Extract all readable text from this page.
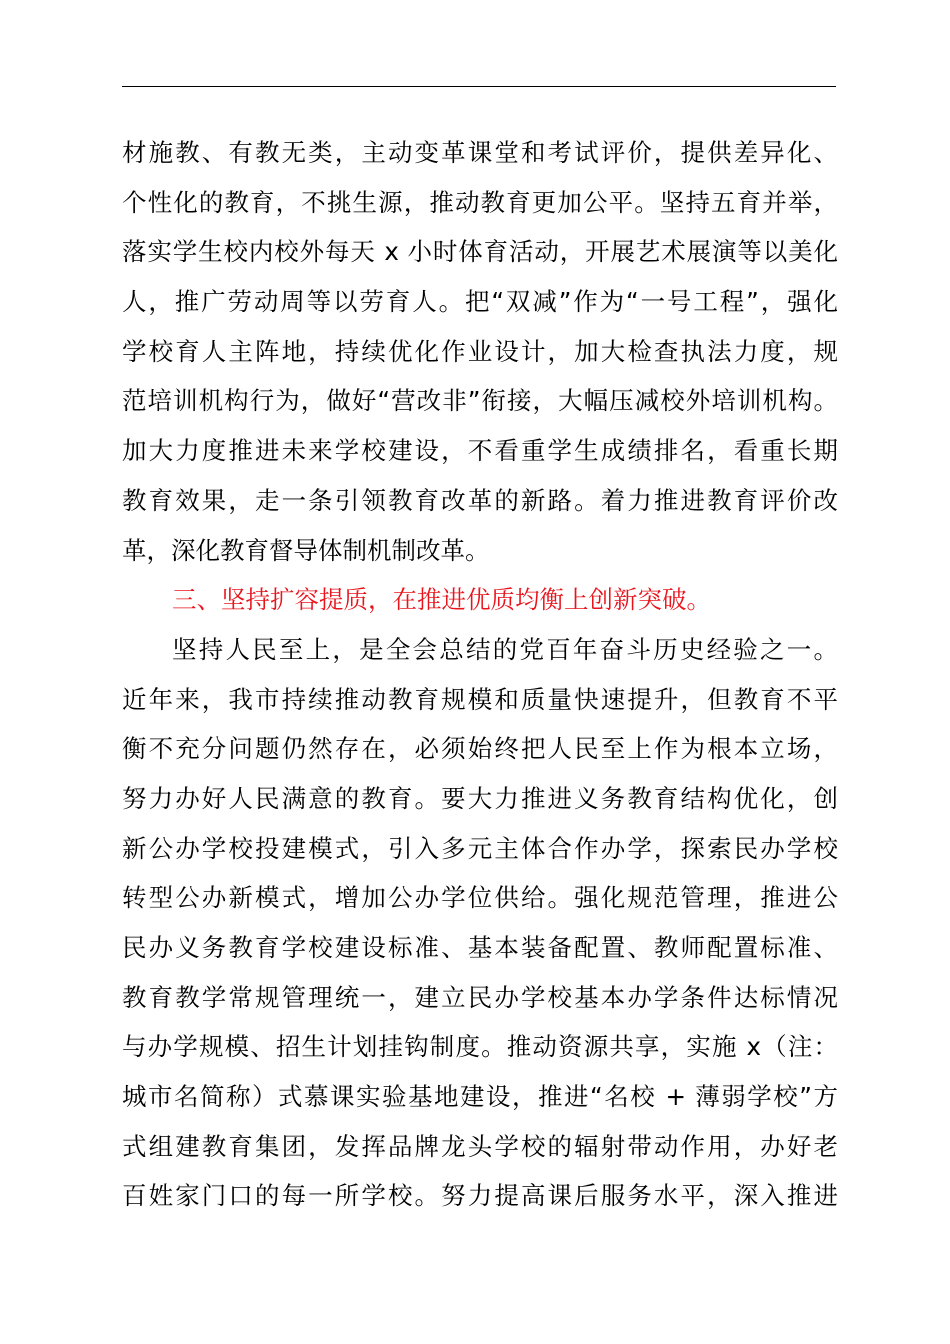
材施教、有教无类，主动变革课堂和考试评价，提供差异化、
个性化的教育，不挑生源，推动教育更加公平。坚持五育并举，
落实学生校内校外每天 x 小时体育活动，开展艺术展演等以美化
人，推广劳动周等以劳育人。把“双减”作为“一号工程”，强化
学校育人主阵地，持续优化作业设计，加大检查执法力度，规
范培训机构行为，做好“营改非”衔接，大幅压减校外培训机构。
加大力度推进未来学校建设，不看重学生成绩排名，看重长期
教育效果，走一条引领教育改革的新路。着力推进教育评价改
革，深化教育督导体制机制改革。
三、坚持扩容提质，在推进优质均衡上创新突破。
坚持人民至上，是全会总结的党百年奋斗历史经验之一。
近年来，我市持续推动教育规模和质量快速提升，但教育不平
衡不充分问题仍然存在，必须始终把人民至上作为根本立场，
努力办好人民满意的教育。要大力推进义务教育结构优化，创
新公办学校投建模式，引入多元主体合作办学，探索民办学校
转型公办新模式，增加公办学位供给。强化规范管理，推进公
民办义务教育学校建设标准、基本装备配置、教师配置标准、
教育教学常规管理统一，建立民办学校基本办学条件达标情况
与办学规模、招生计划挂钩制度。推动资源共享，实施 x（注：
城市名简称）式慕课实验基地建设，推进“名校 + 薄弱学校”方
式组建教育集团，发挥品牌龙头学校的辐射带动作用，办好老
百姓家门口的每一所学校。努力提高课后服务水平，深入推进
